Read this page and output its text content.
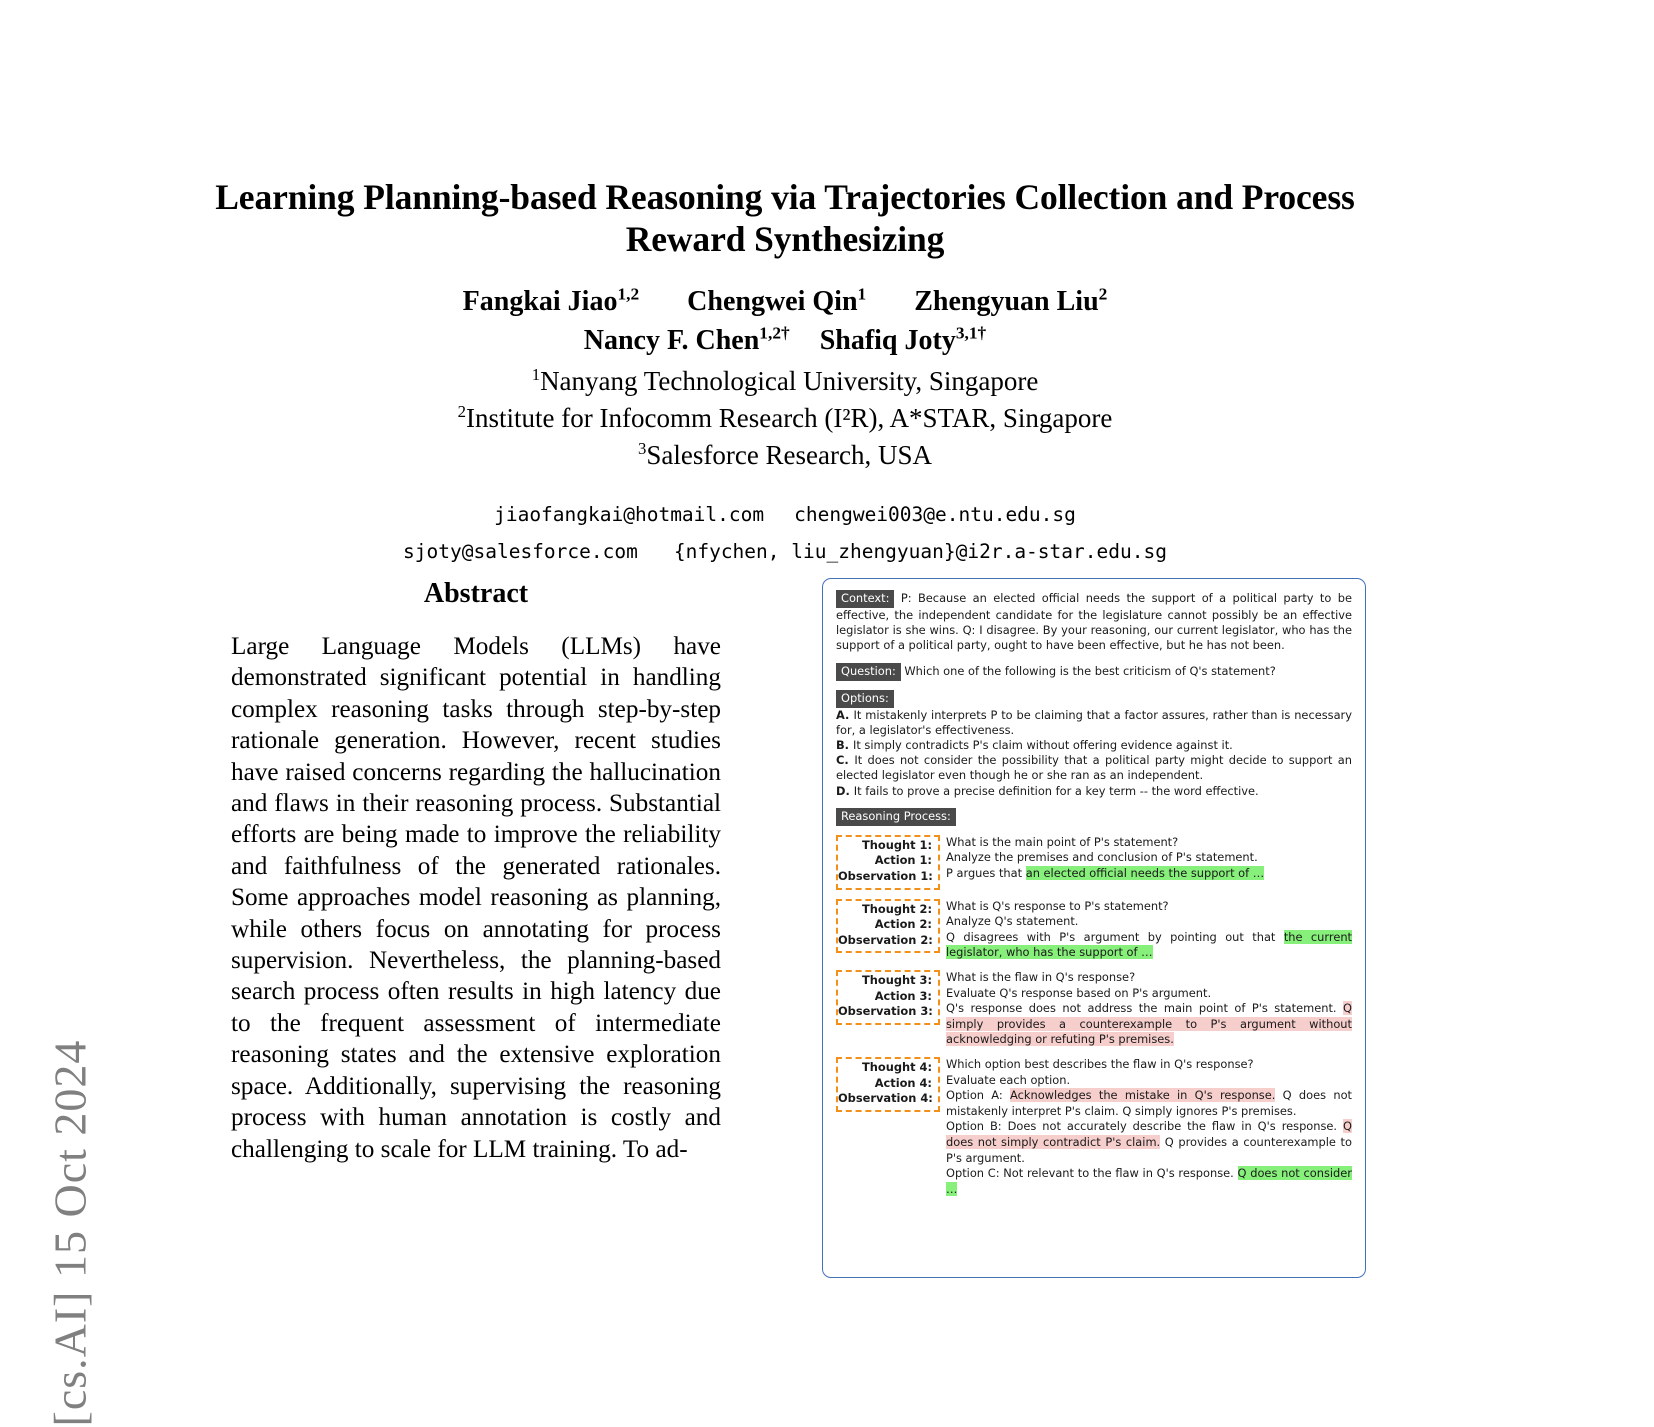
[cs.AI] 15 Oct 2024
Learning Planning-based Reasoning via Trajectories Collection and Process Reward Synthesizing
Fangkai Jiao$^{1,2}$ Chengwei Qin$^1$ Zhengyuan Liu$^2$
Nancy F. Chen$^{1,2\dagger}$ Shafiq Joty$^{3,1\dagger}$
$^1$Nanyang Technological University, Singapore
$^2$Institute for Infocomm Research (I²R), A*STAR, Singapore
$^3$Salesforce Research, USA
jiaofangkai@hotmail.com chengwei003@e.ntu.edu.sg
sjoty@salesforce.com {nfychen, liu_zhengyuan}@i2r.a-star.edu.sg
Abstract
Large Language Models (LLMs) have demonstrated significant potential in handling complex reasoning tasks through step-by-step rationale generation. However, recent studies have raised concerns regarding the hallucination and flaws in their reasoning process. Substantial efforts are being made to improve the reliability and faithfulness of the generated rationales. Some approaches model reasoning as planning, while others focus on annotating for process supervision. Nevertheless, the planning-based search process often results in high latency due to the frequent assessment of intermediate reasoning states and the extensive exploration space. Additionally, supervising the reasoning process with human annotation is costly and challenging to scale for LLM training. To ad-
Context: P: Because an elected official needs the support of a political party to be effective, the independent candidate for the legislature cannot possibly be an effective legislator is she wins. Q: I disagree. By your reasoning, our current legislator, who has the support of a political party, ought to have been effective, but he has not been.
Question: Which one of the following is the best criticism of Q's statement?
Options:
A. It mistakenly interprets P to be claiming that a factor assures, rather than is necessary for, a legislator's effectiveness.
B. It simply contradicts P's claim without offering evidence against it.
C. It does not consider the possibility that a political party might decide to support an elected legislator even though he or she ran as an independent.
D. It fails to prove a precise definition for a key term -- the word effective.
Reasoning Process:
Thought 1:
Action 1:
Observation 1:
What is the main point of P's statement?
Analyze the premises and conclusion of P's statement.
P argues that an elected official needs the support of …
Thought 2:
Action 2:
Observation 2:
What is Q's response to P's statement?
Analyze Q's statement.
Q disagrees with P's argument by pointing out that the current legislator, who has the support of …
Thought 3:
Action 3:
Observation 3:
What is the flaw in Q's response?
Evaluate Q's response based on P's argument.
Q's response does not address the main point of P's statement. Q simply provides a counterexample to P's argument without acknowledging or refuting P's premises.
Thought 4:
Action 4:
Observation 4:
Which option best describes the flaw in Q's response?
Evaluate each option.
Option A: Acknowledges the mistake in Q's response. Q does not mistakenly interpret P's claim. Q simply ignores P's premises.
Option B: Does not accurately describe the flaw in Q's response. Q does not simply contradict P's claim. Q provides a counterexample to P's argument.
Option C: Not relevant to the flaw in Q's response. Q does not consider …
